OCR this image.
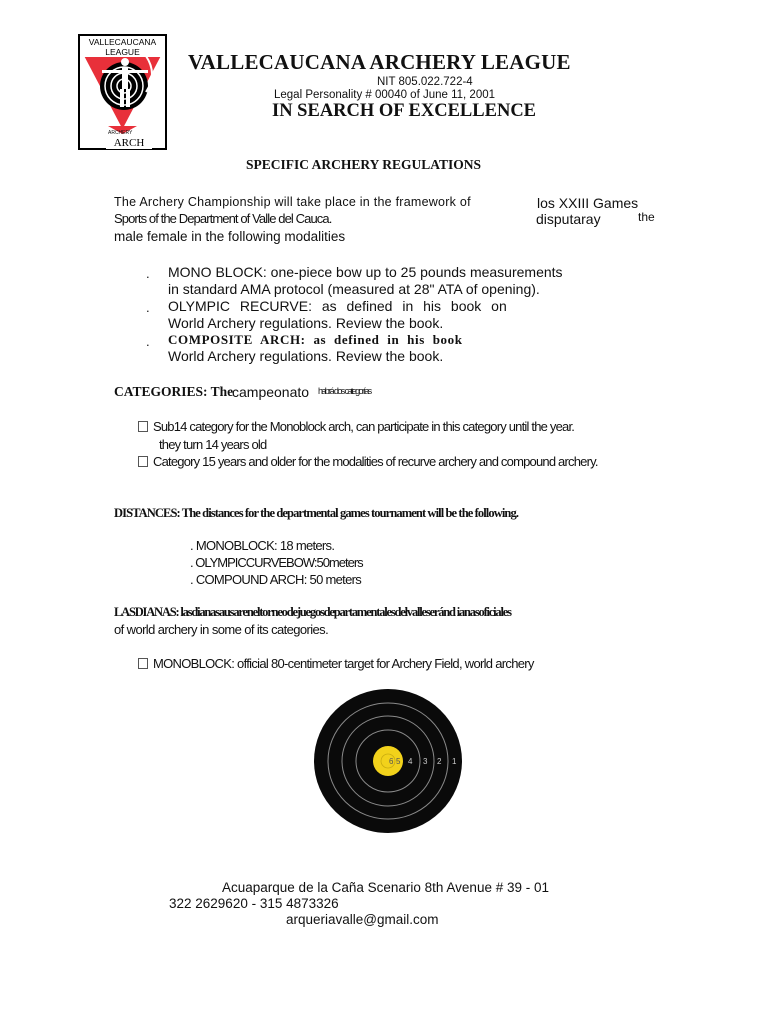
VALLECAUCANA LEAGUE
ARCHERY
ARCH
VALLECAUCANA ARCHERY LEAGUE
NIT 805.022.722-4
Legal Personality # 00040 of June 11, 2001
IN SEARCH OF EXCELLENCE
SPECIFIC ARCHERY REGULATIONS
The Archery Championship will take place in the framework of	los XXIII Games
Sports of the Department of Valle del Cauca.	disputaray	the
male female in the following modalities
. MONO BLOCK: one-piece bow up to 25 pounds measurements
in standard AMA protocol (measured at 28" ATA of opening).
. OLYMPIC RECURVE: as defined in his book on
World Archery regulations. Review the book.
. COMPOSITE ARCH: as defined in his book
World Archery regulations. Review the book.
CATEGORIES: The
campeonato habrá dos categorías
Sub14 category for the Monoblock arch, can participate in this category until the year.
they turn 14 years old
Category 15 years and older for the modalities of recurve archery and compound archery.
DISTANCES: The distances for the departmental games tournament will be the following.
. MONOBLOCK: 18 meters.
. OLYMPICCURVEBOW:50meters
. COMPOUND ARCH: 50 meters
LASDIANAS: lasdianasausareneltorneodejuegosdepartamentalesdelvalleseránd ianasoficiales
of world archery in some of its categories.
MONOBLOCK: official 80-centimeter target for Archery Field, world archery
6 5 4 3 2 1
Acuaparque de la Caña Scenario 8th Avenue # 39 - 01
322 2629620 - 315 4873326
arqueriavalle@gmail.com
